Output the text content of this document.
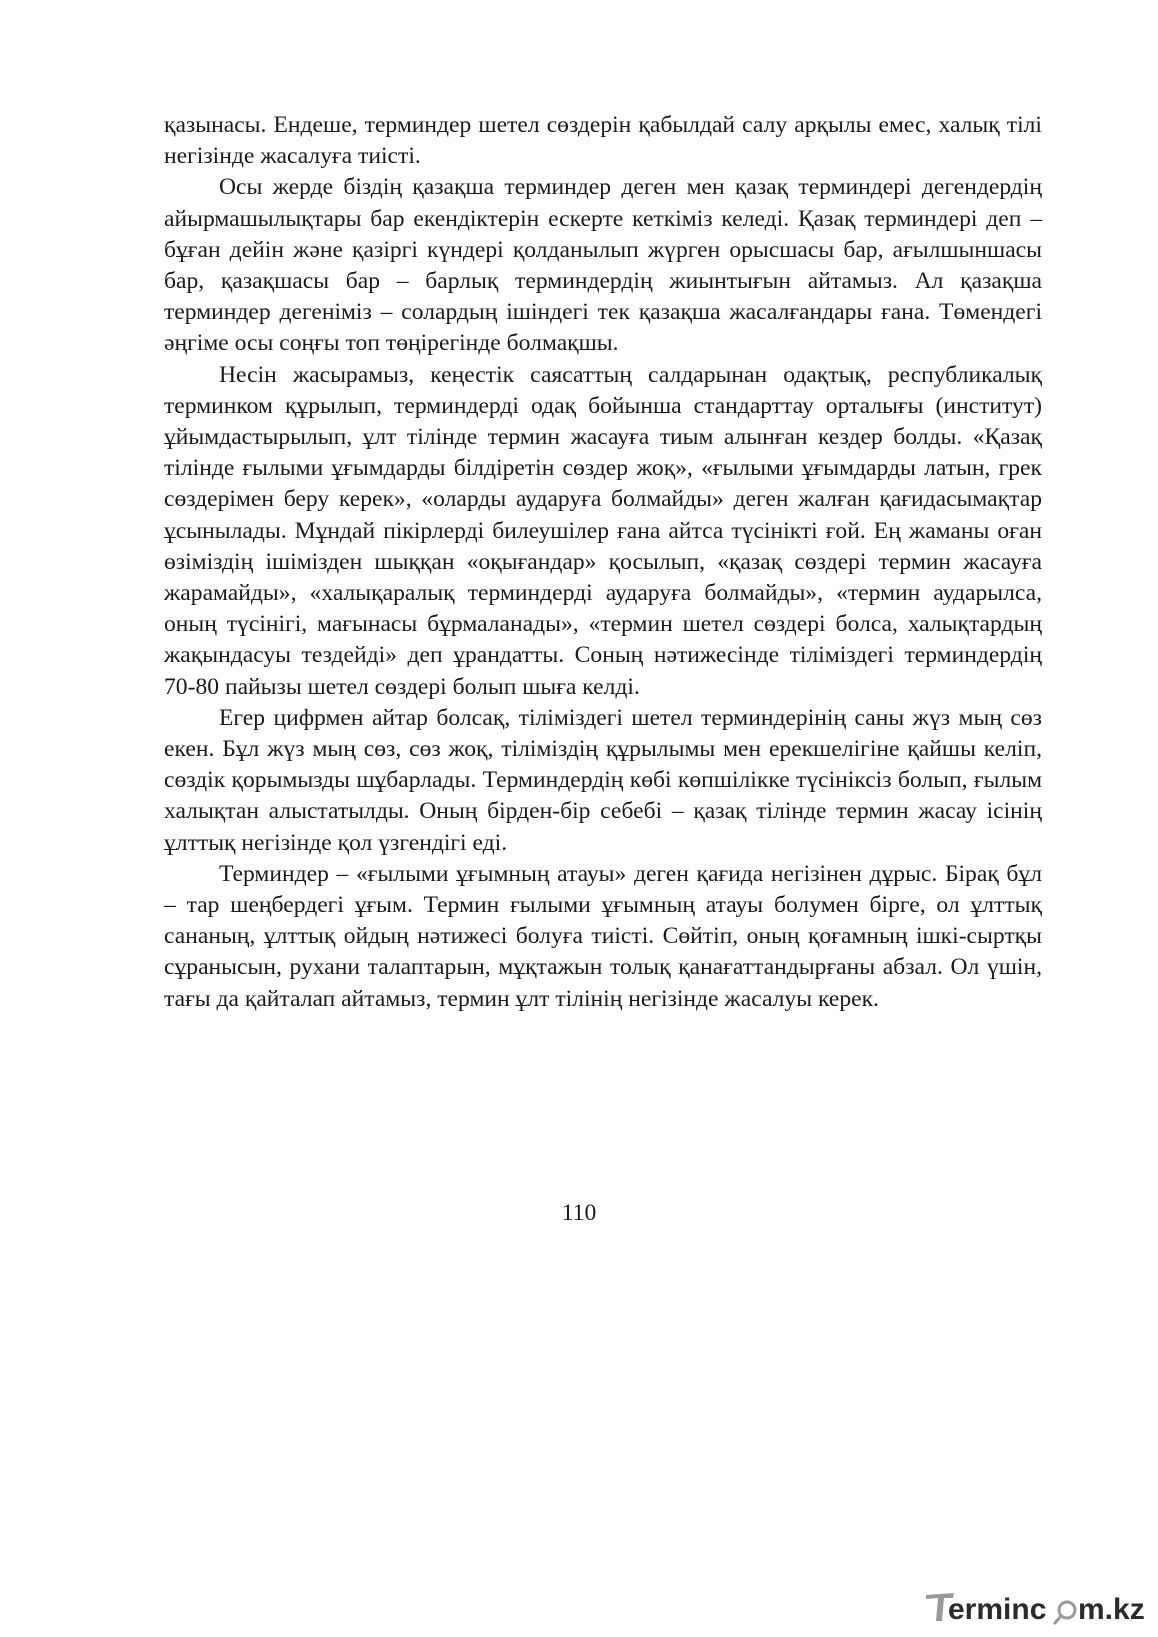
қазынасы. Ендеше, терминдер шетел сөздерін қабылдай салу арқылы емес, халық тілі негізінде жасалуға тиісті.

Осы жерде біздің қазақша терминдер деген мен қазақ терминдері дегендердің айырмашылықтары бар екендіктерін ескерте кеткіміз келеді. Қазақ терминдері деп – бұған дейін және қазіргі күндері қолданылып жүрген орысшасы бар, ағылшыншасы бар, қазақшасы бар – барлық терминдердің жиынтығын айтамыз. Ал қазақша терминдер дегеніміз – солардың ішіндегі тек қазақша жасалғандары ғана. Төмендегі әңгіме осы соңғы топ төңірегінде болмақшы.

Несін жасырамыз, кеңестік саясаттың салдарынан одақтық, республикалық терминком құрылып, терминдерді одақ бойынша стандарттау орталығы (институт) ұйымдастырылып, ұлт тілінде термин жасауға тиым алынған кездер болды. «Қазақ тілінде ғылыми ұғымдарды білдіретін сөздер жоқ», «ғылыми ұғымдарды латын, грек сөздерімен беру керек», «оларды аударуға болмайды» деген жалған қағидасымақтар ұсынылады. Мұндай пікірлерді билеушілер ғана айтса түсінікті ғой. Ең жаманы оған өзіміздің ішімізден шыққан «оқығандар» қосылып, «қазақ сөздері термин жасауға жарамайды», «халықаралық терминдерді аударуға болмайды», «термин аударылса, оның түсінігі, мағынасы бұрмаланады», «термин шетел сөздері болса, халықтардың жақындасуы тездейді» деп ұрандатты. Соның нәтижесінде тіліміздегі терминдердің 70-80 пайызы шетел сөздері болып шыға келді.

Егер цифрмен айтар болсақ, тіліміздегі шетел терминдерінің саны жүз мың сөз екен. Бұл жүз мың сөз, сөз жоқ, тіліміздің құрылымы мен ерекшелігіне қайшы келіп, сөздік қорымызды шұбарлады. Терминдердің көбі көпшілікке түсініксіз болып, ғылым халықтан алыстатылды. Оның бірден-бір себебі – қазақ тілінде термин жасау ісінің ұлттық негізінде қол үзгендігі еді.

Терминдер – «ғылыми ұғымның атауы» деген қағида негізінен дұрыс. Бірақ бұл – тар шеңбердегі ұғым. Термин ғылыми ұғымның атауы болумен бірге, ол ұлттық сананың, ұлттық ойдың нәтижесі болуға тиісті. Сөйтіп, оның қоғамның ішкі-сыртқы сұранысын, рухани талаптарын, мұқтажын толық қанағаттандырғаны абзал. Ол үшін, тағы да қайталап айтамыз, термин ұлт тілінің негізінде жасалуы керек.

110
erminc m.kz
